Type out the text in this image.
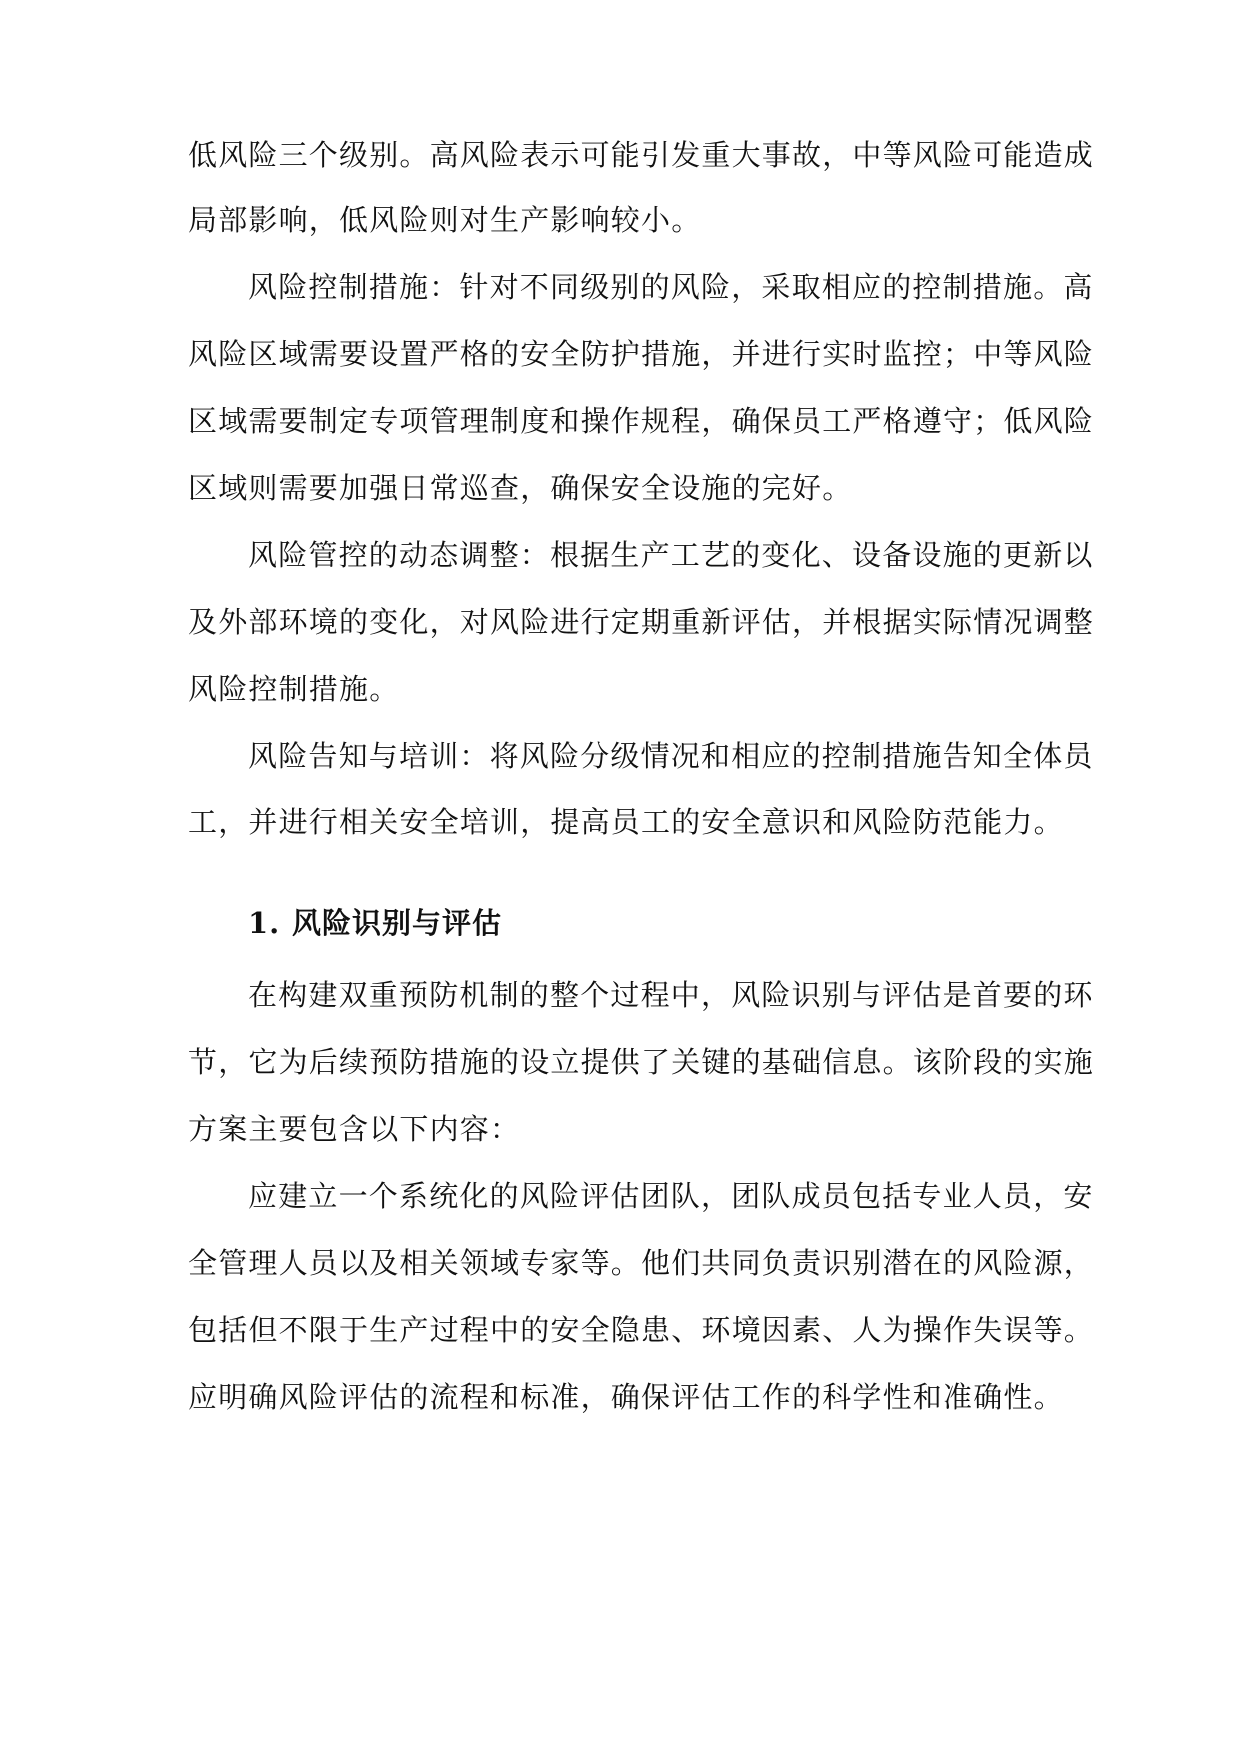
低风险三个级别。高风险表示可能引发重大事故，中等风险可能造成
局部影响，低风险则对生产影响较小。
风险控制措施：针对不同级别的风险，采取相应的控制措施。高
风险区域需要设置严格的安全防护措施，并进行实时监控；中等风险
区域需要制定专项管理制度和操作规程，确保员工严格遵守；低风险
区域则需要加强日常巡查，确保安全设施的完好。
风险管控的动态调整：根据生产工艺的变化、设备设施的更新以
及外部环境的变化，对风险进行定期重新评估，并根据实际情况调整
风险控制措施。
风险告知与培训：将风险分级情况和相应的控制措施告知全体员
工，并进行相关安全培训，提高员工的安全意识和风险防范能力。
1. 风险识别与评估
在构建双重预防机制的整个过程中，风险识别与评估是首要的环
节，它为后续预防措施的设立提供了关键的基础信息。该阶段的实施
方案主要包含以下内容：
应建立一个系统化的风险评估团队，团队成员包括专业人员，安
全管理人员以及相关领域专家等。他们共同负责识别潜在的风险源，
包括但不限于生产过程中的安全隐患、环境因素、人为操作失误等。
应明确风险评估的流程和标准，确保评估工作的科学性和准确性。
